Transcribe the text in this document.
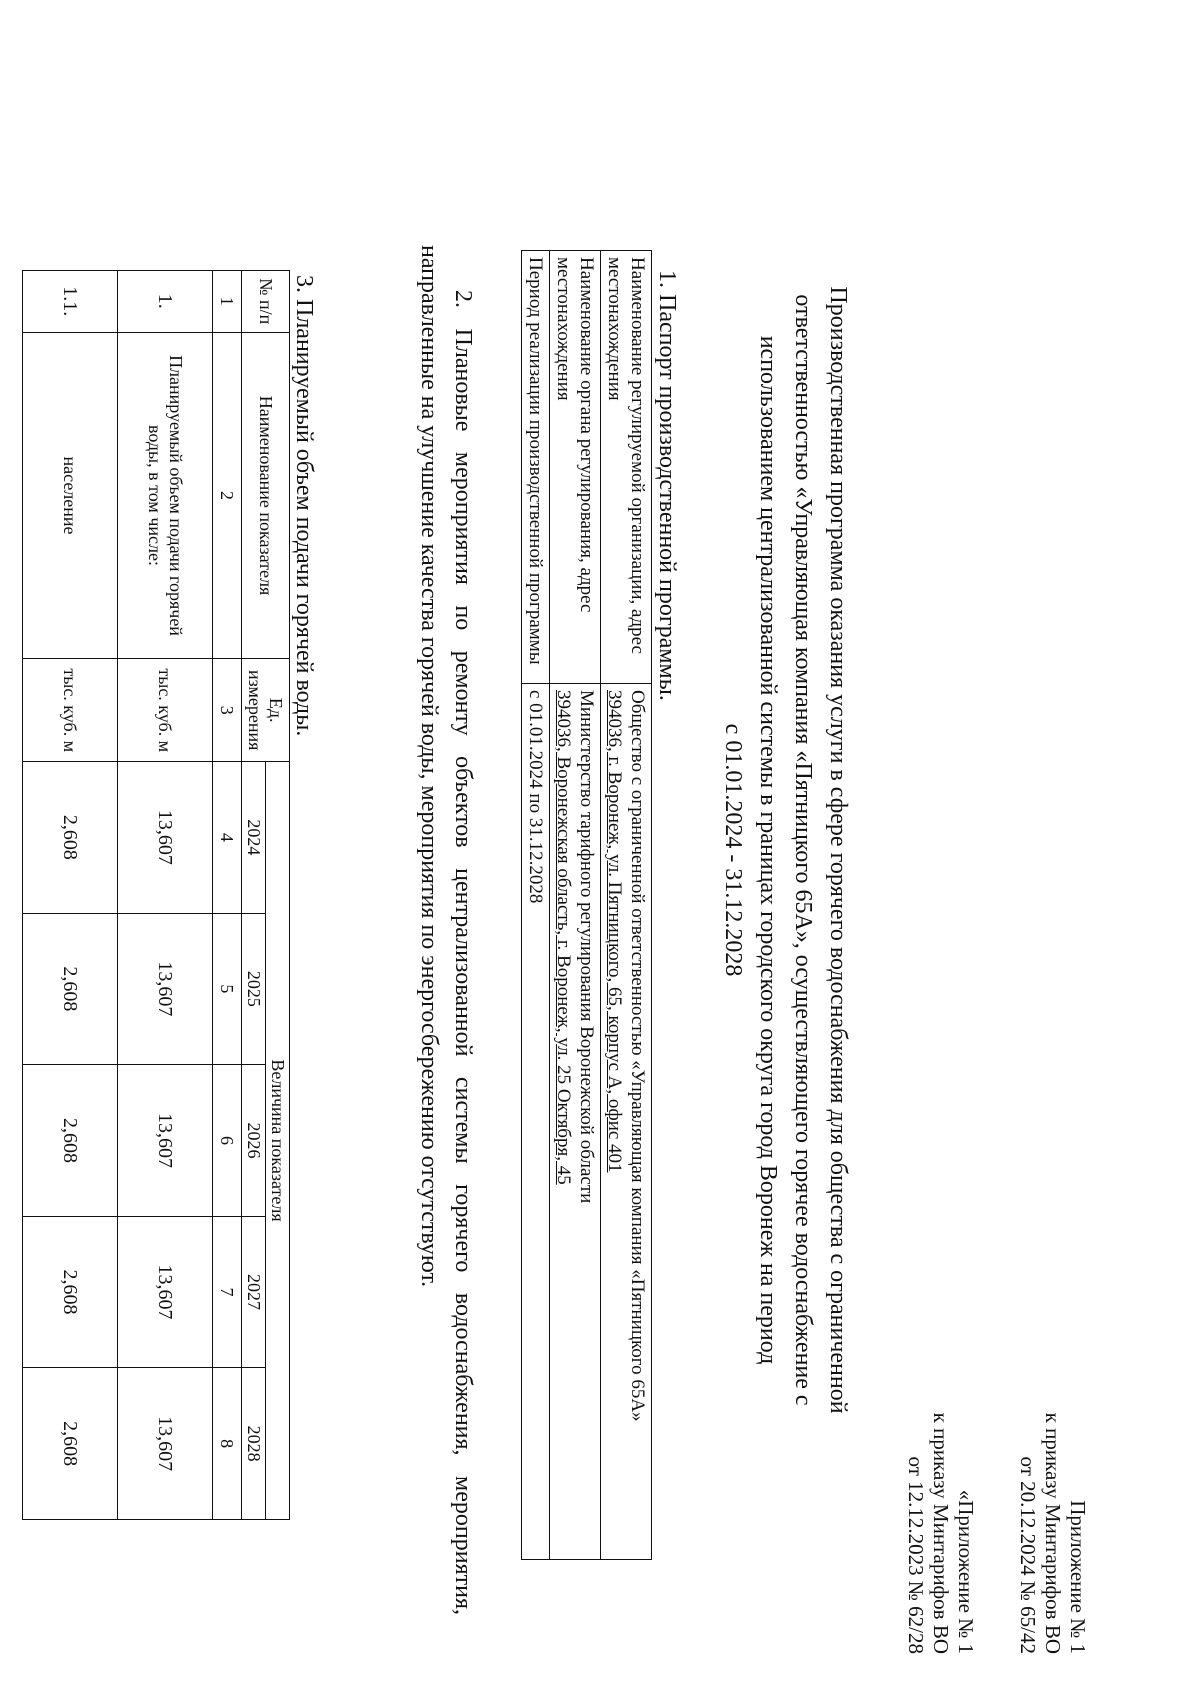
Приложение № 1
к приказу Минтарифов ВО
от 20.12.2024 № 65/42
«Приложение № 1
к приказу Минтарифов ВО
от 12.12.2023 № 62/28
Производственная программа оказания услуги в сфере горячего водоснабжения для общества с ограниченной
ответственностью «Управляющая компания «Пятницкого 65А», осуществляющего горячее водоснабжение с
использованием централизованной системы в границах городского округа город Воронеж на период
с 01.01.2024 - 31.12.2028
1. Паспорт производственной программы.
Наименование регулируемой организации, адрес местонахождения	Общество с ограниченной ответственностью «Управляющая компания «Пятницкого 65А»
394036, г. Воронеж, ул. Пятницкого, 65, корпус А, офис 401

Наименование органа регулирования, адрес местонахождения	Министерство тарифного регулирования Воронежской области
394036, Воронежская область, г. Воронеж, ул. 25 Октября, 45

Период реализации производственной программы	с 01.01.2024 по 31.12.2028
2. Плановые мероприятия по ремонту объектов централизованной системы горячего водоснабжения, мероприятия, направленные на улучшение качества горячей воды, мероприятия по энергосбережению отсутствуют.
3. Планируемый объем подачи горячей воды.
№ п/п	Наименование показателя	Ед. измерения	Величина показателя				
			2024	2025	2026	2027	2028
1	2	3	4	5	6	7	8
1.	Планируемый объем подачи горячей воды, в том числе:	тыс. куб. м	13,607	13,607	13,607	13,607	13,607
1.1.	население	тыс. куб. м	2,608	2,608	2,608	2,608	2,608
